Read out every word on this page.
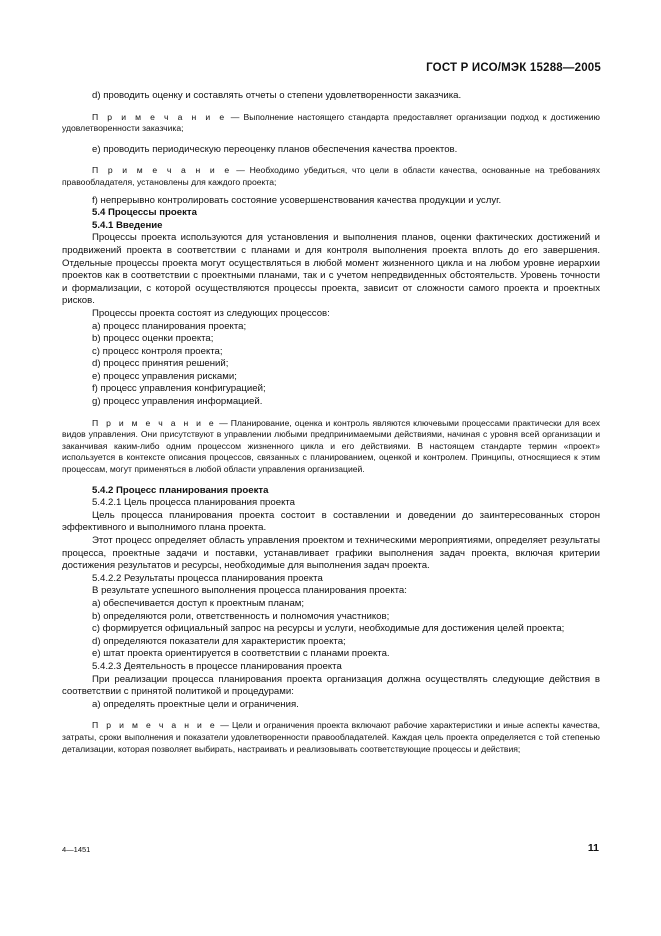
ГОСТ Р ИСО/МЭК 15288—2005

d) проводить оценку и составлять отчеты о степени удовлетворенности заказчика.

П р и м е ч а н и е — Выполнение настоящего стандарта предоставляет организации подход к достижению удовлетворенности заказчика;

е) проводить периодическую переоценку планов обеспечения качества проектов.

П р и м е ч а н и е — Необходимо убедиться, что цели в области качества, основанные на требованиях правообладателя, установлены для каждого проекта;

f) непрерывно контролировать состояние усовершенствования качества продукции и услуг.

5.4 Процессы проекта

5.4.1 Введение

Процессы проекта используются для установления и выполнения планов, оценки фактических достижений и продвижений проекта в соответствии с планами и для контроля выполнения проекта вплоть до его завершения. Отдельные процессы проекта могут осуществляться в любой момент жизненного цикла и на любом уровне иерархии проектов как в соответствии с проектными планами, так и с учетом непредвиденных обстоятельств. Уровень точности и формализации, с которой осуществляются процессы проекта, зависит от сложности самого проекта и проектных рисков.

Процессы проекта состоят из следующих процессов:

a) процесс планирования проекта;

b) процесс оценки проекта;

c) процесс контроля проекта;

d) процесс принятия решений;

e) процесс управления рисками;

f) процесс управления конфигурацией;

g) процесс управления информацией.

П р и м е ч а н и е — Планирование, оценка и контроль являются ключевыми процессами практически для всех видов управления. Они присутствуют в управлении любыми предпринимаемыми действиями, начиная с уровня всей организации и заканчивая каким-либо одним процессом жизненного цикла и его действиями. В настоящем стандарте термин «проект» используется в контексте описания процессов, связанных с планированием, оценкой и контролем. Принципы, относящиеся к этим процессам, могут применяться в любой области управления организацией.

5.4.2 Процесс планирования проекта

5.4.2.1 Цель процесса планирования проекта

Цель процесса планирования проекта состоит в составлении и доведении до заинтересованных сторон эффективного и выполнимого плана проекта.

Этот процесс определяет область управления проектом и техническими мероприятиями, определяет результаты процесса, проектные задачи и поставки, устанавливает графики выполнения задач проекта, включая критерии достижения результатов и ресурсы, необходимые для выполнения задач проекта.

5.4.2.2 Результаты процесса планирования проекта

В результате успешного выполнения процесса планирования проекта:

a) обеспечивается доступ к проектным планам;

b) определяются роли, ответственность и полномочия участников;

c) формируется официальный запрос на ресурсы и услуги, необходимые для достижения целей проекта;

d) определяются показатели для характеристик проекта;

e) штат проекта ориентируется в соответствии с планами проекта.

5.4.2.3 Деятельность в процессе планирования проекта

При реализации процесса планирования проекта организация должна осуществлять следующие действия в соответствии с принятой политикой и процедурами:

а) определять проектные цели и ограничения.

П р и м е ч а н и е — Цели и ограничения проекта включают рабочие характеристики и иные аспекты качества, затраты, сроки выполнения и показатели удовлетворенности правообладателей. Каждая цель проекта определяется с той степенью детализации, которая позволяет выбирать, настраивать и реализовывать соответствующие процессы и действия;

4—1451	11
